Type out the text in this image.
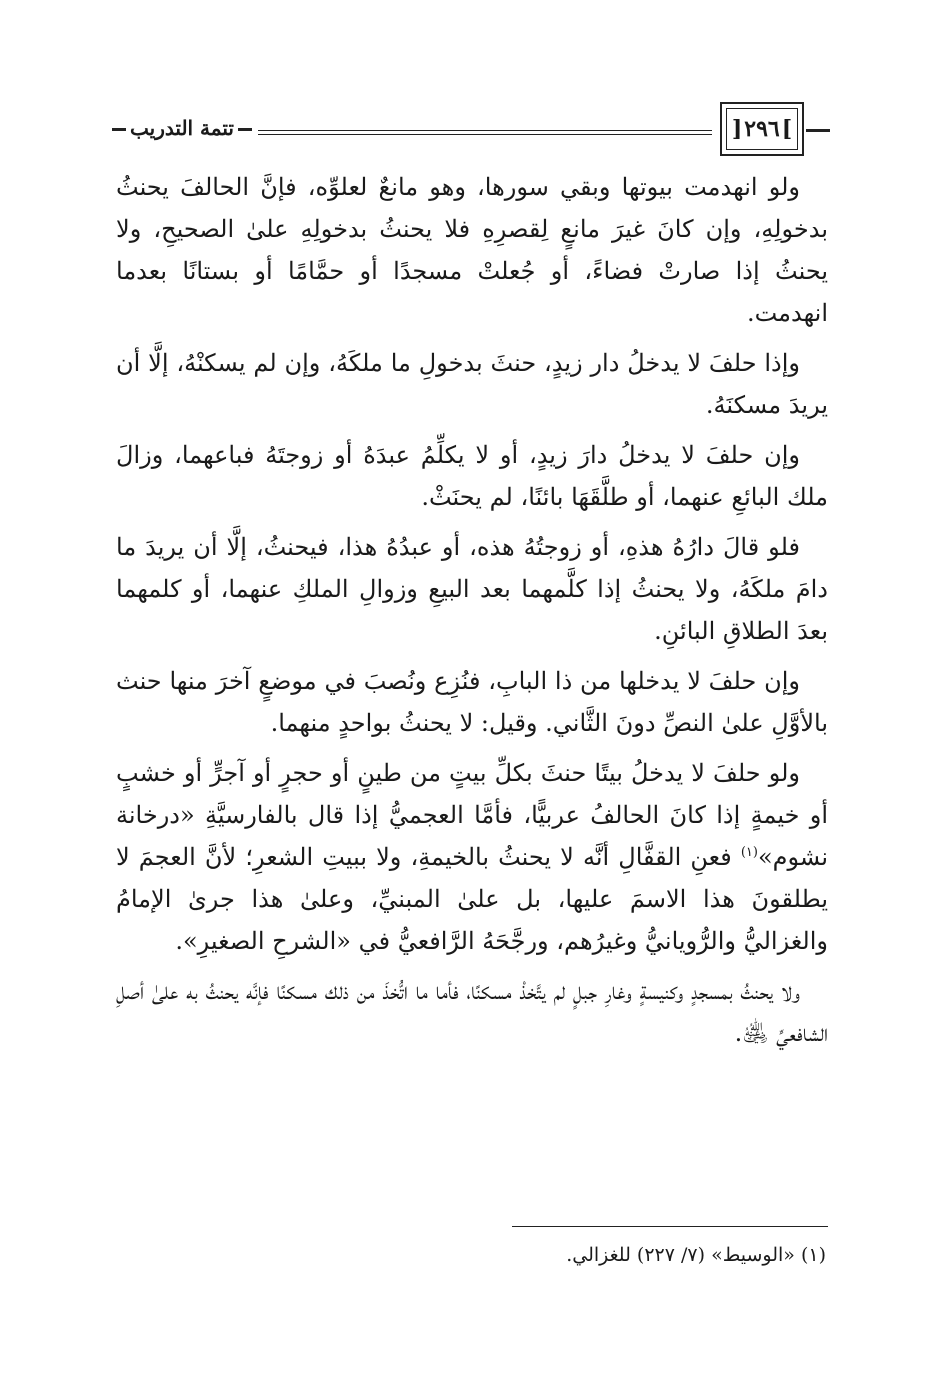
تتمة التدريب	]
٢٩٦
[

ولو انهدمت بيوتها وبقي سورها، وهو مانعٌ لعلوِّه، فإنَّ الحالفَ يحنثُ بدخولِهِ، وإن كانَ غيرَ مانعٍ لِقصرِهِ فلا يحنثُ بدخولِهِ علىٰ الصحيحِ، ولا يحنثُ إذا صارتْ فضاءً، أو جُعلتْ مسجدًا أو حمَّامًا أو بستانًا بعدما انهدمت.

وإذا حلفَ لا يدخلُ دار زيدٍ، حنثَ بدخولِ ما ملكَهُ، وإن لم يسكنْهُ، إلَّا أن يريدَ مسكنَهُ.

وإن حلفَ لا يدخلُ دارَ زيدٍ، أو لا يكلِّمُ عبدَهُ أو زوجتَهُ فباعهما، وزالَ ملك البائعِ عنهما، أو طلَّقَهَا بائنًا، لم يحنَثْ.

فلو قالَ دارُهُ هذهِ، أو زوجتُهُ هذه، أو عبدُهُ هذا، فيحنثُ، إلَّا أن يريدَ ما دامَ ملكَهُ، ولا يحنثُ إذا كلَّمهما بعد البيعِ وزوالِ الملكِ عنهما، أو كلمهما بعدَ الطلاقِ البائنِ.

وإن حلفَ لا يدخلها من ذا البابِ، فنُزِع ونُصبَ في موضعٍ آخرَ منها حنث بالأوَّلِ علىٰ النصِّ دونَ الثَّاني. وقيل: لا يحنثُ بواحدٍ منهما.

ولو حلفَ لا يدخلُ بيتًا حنثَ بكلِّ بيتٍ من طينٍ أو حجرٍ أو آجرٍّ أو خشبٍ أو خيمةٍ إذا كانَ الحالفُ عربيًّا، فأمَّا العجميُّ إذا قال بالفارسيَّةِ «درخانة نشوم»$^{(١)}$ فعنِ القفَّالِ أنَّه لا يحنثُ بالخيمةِ، ولا ببيتِ الشعرِ؛ لأنَّ العجمَ لا يطلقونَ هذا الاسمَ عليها، بل علىٰ المبنيِّ، وعلىٰ هذا جرىٰ الإمامُ والغزاليُّ والرُّويانيُّ وغيرُهم، ورجَّحَهُ الرَّافعيُّ في «الشرحِ الصغيرِ».

ولا يحنثُ بمسجدٍ وكنيسةٍ وغارِ جبلٍ لم يتَّخذْ مسكنًا، فأما ما اتُّخذَ من ذلك مسكنًا فإنَّه يحنثُ به علىٰ أصلِ الشافعيِّ ﵁.

(١) «الوسيط» (٧/ ٢٢٧) للغزالي.
